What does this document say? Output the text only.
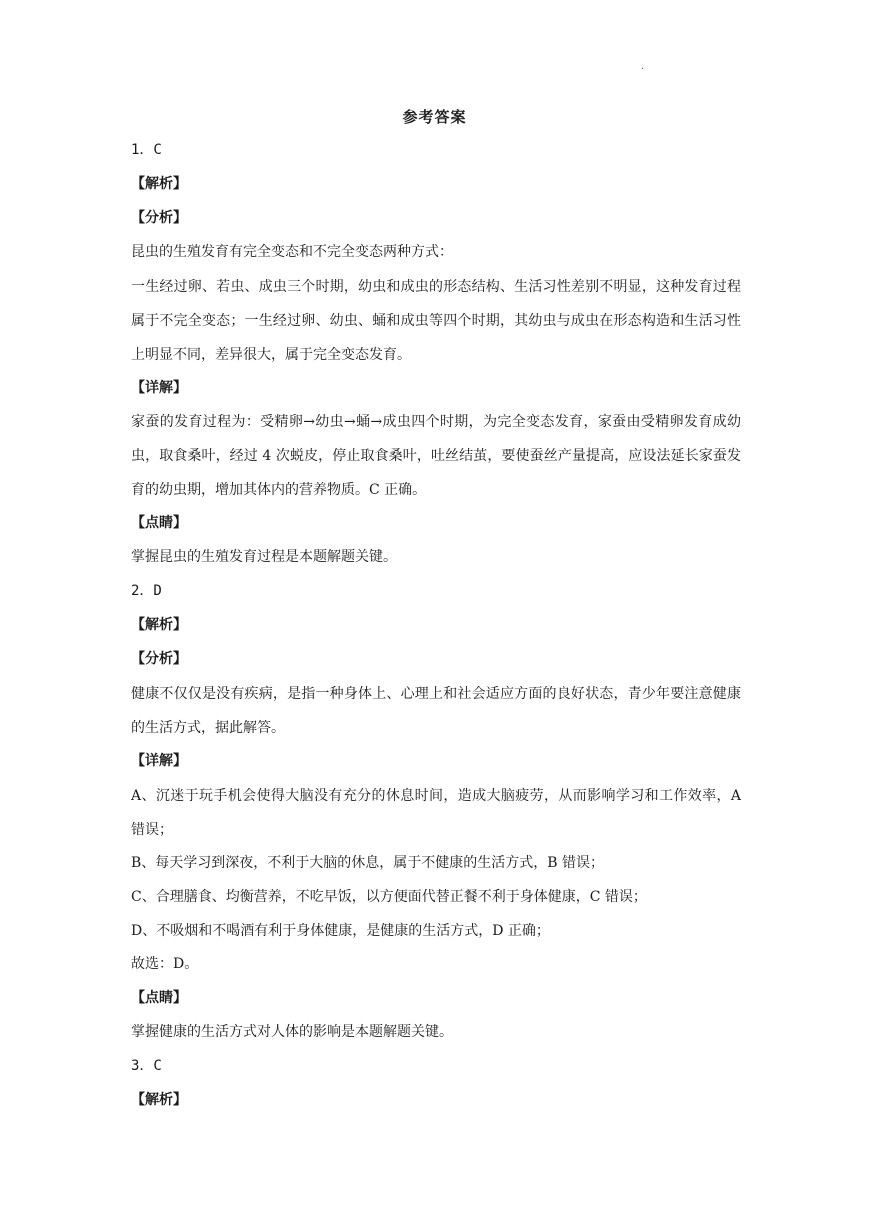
·
参考答案
1．C
【解析】
【分析】
昆虫的生殖发育有完全变态和不完全变态两种方式：
一生经过卵、若虫、成虫三个时期，幼虫和成虫的形态结构、生活习性差别不明显，这种发育过程属于不完全变态；一生经过卵、幼虫、蛹和成虫等四个时期，其幼虫与成虫在形态构造和生活习性上明显不同，差异很大，属于完全变态发育。
【详解】
家蚕的发育过程为：受精卵→幼虫→蛹→成虫四个时期，为完全变态发育，家蚕由受精卵发育成幼虫，取食桑叶，经过 4 次蜕皮，停止取食桑叶，吐丝结茧，要使蚕丝产量提高，应设法延长家蚕发育的幼虫期，增加其体内的营养物质。C 正确。
【点睛】
掌握昆虫的生殖发育过程是本题解题关键。
2．D
【解析】
【分析】
健康不仅仅是没有疾病，是指一种身体上、心理上和社会适应方面的良好状态，青少年要注意健康的生活方式，据此解答。
【详解】
A、沉迷于玩手机会使得大脑没有充分的休息时间，造成大脑疲劳，从而影响学习和工作效率，A 错误；
B、每天学习到深夜，不利于大脑的休息，属于不健康的生活方式，B 错误；
C、合理膳食、均衡营养，不吃早饭，以方便面代替正餐不利于身体健康，C 错误；
D、不吸烟和不喝酒有利于身体健康，是健康的生活方式，D 正确；
故选：D。
【点睛】
掌握健康的生活方式对人体的影响是本题解题关键。
3．C
【解析】
